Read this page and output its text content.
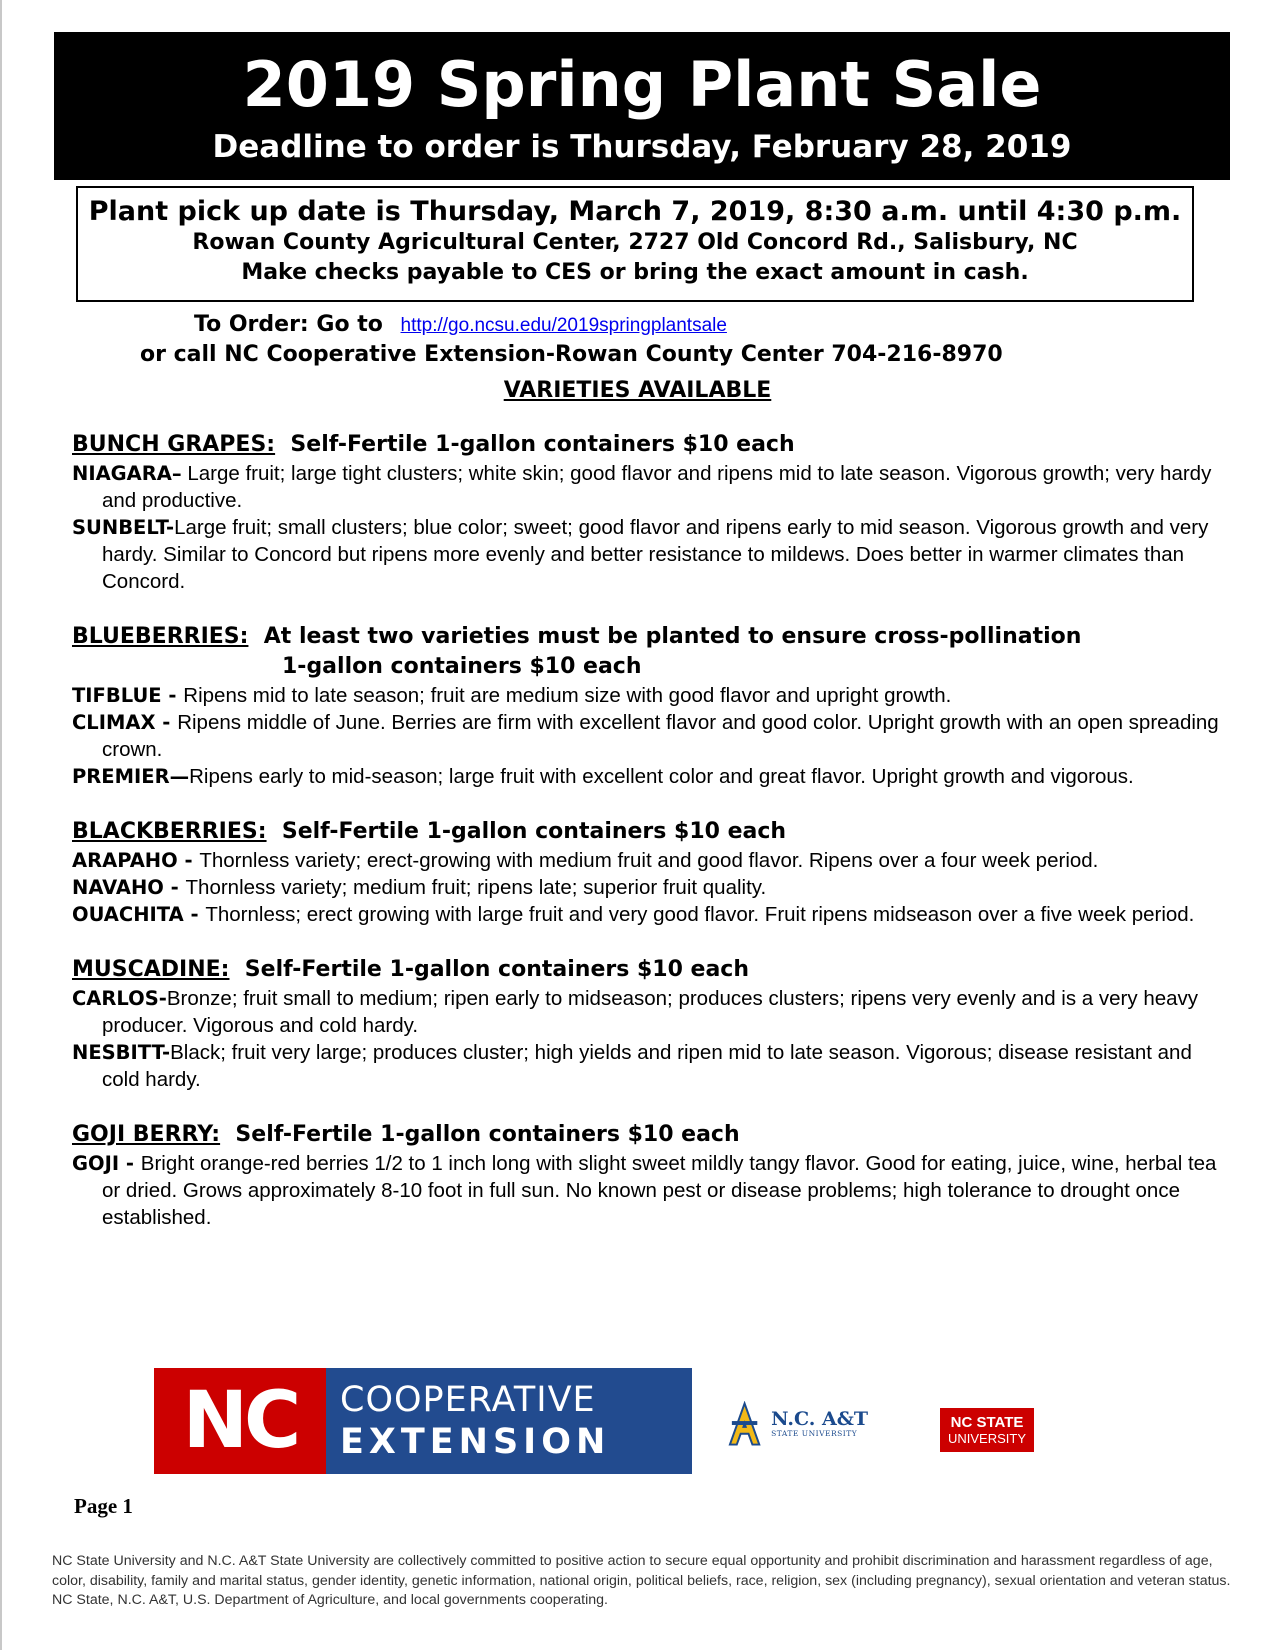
2019 Spring Plant Sale
Deadline to order is Thursday, February 28, 2019
Plant pick up date is Thursday, March 7, 2019, 8:30 a.m. until 4:30 p.m.
Rowan County Agricultural Center, 2727 Old Concord Rd., Salisbury, NC
Make checks payable to CES or bring the exact amount in cash.
To Order: Go to http://go.ncsu.edu/2019springplantsale
or call NC Cooperative Extension-Rowan County Center 704-216-8970
VARIETIES AVAILABLE
BUNCH GRAPES: Self-Fertile 1-gallon containers $10 each
NIAGARA– Large fruit; large tight clusters; white skin; good flavor and ripens mid to late season. Vigorous growth; very hardy and productive.
SUNBELT-Large fruit; small clusters; blue color; sweet; good flavor and ripens early to mid season. Vigorous growth and very hardy. Similar to Concord but ripens more evenly and better resistance to mildews. Does better in warmer climates than Concord.
BLUEBERRIES: At least two varieties must be planted to ensure cross-pollination
1-gallon containers $10 each
TIFBLUE - Ripens mid to late season; fruit are medium size with good flavor and upright growth.
CLIMAX - Ripens middle of June. Berries are firm with excellent flavor and good color. Upright growth with an open spreading crown.
PREMIER—Ripens early to mid-season; large fruit with excellent color and great flavor. Upright growth and vigorous.
BLACKBERRIES: Self-Fertile 1-gallon containers $10 each
ARAPAHO - Thornless variety; erect-growing with medium fruit and good flavor. Ripens over a four week period.
NAVAHO - Thornless variety; medium fruit; ripens late; superior fruit quality.
OUACHITA - Thornless; erect growing with large fruit and very good flavor. Fruit ripens midseason over a five week period.
MUSCADINE: Self-Fertile 1-gallon containers $10 each
CARLOS-Bronze; fruit small to medium; ripen early to midseason; produces clusters; ripens very evenly and is a very heavy producer. Vigorous and cold hardy.
NESBITT-Black; fruit very large; produces cluster; high yields and ripen mid to late season. Vigorous; disease resistant and cold hardy.
GOJI BERRY: Self-Fertile 1-gallon containers $10 each
GOJI - Bright orange-red berries 1/2 to 1 inch long with slight sweet mildly tangy flavor. Good for eating, juice, wine, herbal tea or dried. Grows approximately 8-10 foot in full sun. No known pest or disease problems; high tolerance to drought once established.
NC	COOPERATIVE
EXTENSION
N.C. A&T
STATE UNIVERSITY
NC STATE
UNIVERSITY
Page 1
NC State University and N.C. A&T State University are collectively committed to positive action to secure equal opportunity and prohibit discrimination and harassment regardless of age, color, disability, family and marital status, gender identity, genetic information, national origin, political beliefs, race, religion, sex (including pregnancy), sexual orientation and veteran status. NC State, N.C. A&T, U.S. Department of Agriculture, and local governments cooperating.
